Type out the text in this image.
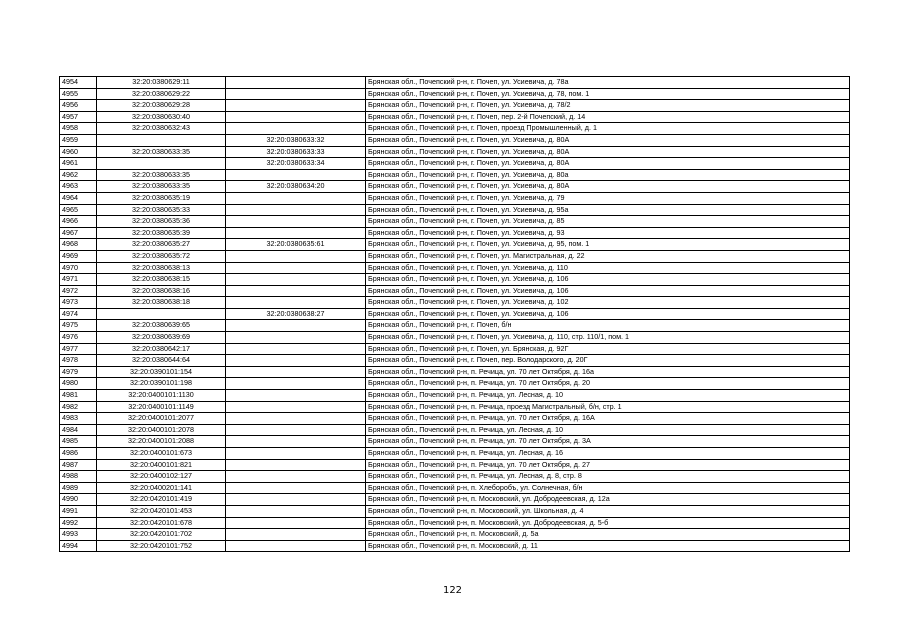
4954	32:20:0380629:11		Брянская обл., Почепский р-н, г. Почеп, ул. Усиевича, д. 78а
4955	32:20:0380629:22		Брянская обл., Почепский р-н, г. Почеп, ул. Усиевича, д. 78, пом. 1
4956	32:20:0380629:28		Брянская обл., Почепский р-н, г. Почеп, ул. Усиевича, д. 78/2
4957	32:20:0380630:40		Брянская обл., Почепский р-н, г. Почеп, пер. 2-й Почепский, д. 14
4958	32:20:0380632:43		Брянская обл., Почепский р-н, г. Почеп, проезд Промышленный, д. 1
4959		32:20:0380633:32	Брянская обл., Почепский р-н, г. Почеп, ул. Усиевича, д. 80А
4960	32:20:0380633:35	32:20:0380633:33	Брянская обл., Почепский р-н, г. Почеп, ул. Усиевича, д. 80А
4961		32:20:0380633:34	Брянская обл., Почепский р-н, г. Почеп, ул. Усиевича, д. 80А
4962	32:20:0380633:35		Брянская обл., Почепский р-н, г. Почеп, ул. Усиевича, д. 80а
4963	32:20:0380633:35	32:20:0380634:20	Брянская обл., Почепский р-н, г. Почеп, ул. Усиевича, д. 80А
4964	32:20:0380635:19		Брянская обл., Почепский р-н, г. Почеп, ул. Усиевича, д. 79
4965	32:20:0380635:33		Брянская обл., Почепский р-н, г. Почеп, ул. Усиевича, д. 95а
4966	32:20:0380635:36		Брянская обл., Почепский р-н, г. Почеп, ул. Усиевича, д. 85
4967	32:20:0380635:39		Брянская обл., Почепский р-н, г. Почеп, ул. Усиевича, д. 93
4968	32:20:0380635:27	32:20:0380635:61	Брянская обл., Почепский р-н, г. Почеп, ул. Усиевича, д. 95, пом. 1
4969	32:20:0380635:72		Брянская обл., Почепский р-н, г. Почеп, ул. Магистральная, д. 22
4970	32:20:0380638:13		Брянская обл., Почепский р-н, г. Почеп, ул. Усиевича, д. 110
4971	32:20:0380638:15		Брянская обл., Почепский р-н, г. Почеп, ул. Усиевича, д. 106
4972	32:20:0380638:16		Брянская обл., Почепский р-н, г. Почеп, ул. Усиевича, д. 106
4973	32:20:0380638:18		Брянская обл., Почепский р-н, г. Почеп, ул. Усиевича, д. 102
4974		32:20:0380638:27	Брянская обл., Почепский р-н, г. Почеп, ул. Усиевича, д. 106
4975	32:20:0380639:65		Брянская обл., Почепский р-н, г. Почеп, б/н
4976	32:20:0380639:69		Брянская обл., Почепский р-н, г. Почеп, ул. Усиевича, д. 110, стр. 110/1, пом. 1
4977	32:20:0380642:17		Брянская обл., Почепский р-н, г. Почеп, ул. Брянская, д. 92Г
4978	32:20:0380644:64		Брянская обл., Почепский р-н, г. Почеп, пер. Володарского, д. 20Г
4979	32:20:0390101:154		Брянская обл., Почепский р-н, п. Речица, ул. 70 лет Октября, д. 16а
4980	32:20:0390101:198		Брянская обл., Почепский р-н, п. Речица, ул. 70 лет Октября, д. 20
4981	32:20:0400101:1130		Брянская обл., Почепский р-н, п. Речица, ул. Лесная, д. 10
4982	32:20:0400101:1149		Брянская обл., Почепский р-н, п. Речица, проезд Магистральный, б/н, стр. 1
4983	32:20:0400101:2077		Брянская обл., Почепский р-н, п. Речица, ул. 70 лет Октября, д. 16А
4984	32:20:0400101:2078		Брянская обл., Почепский р-н, п. Речица, ул. Лесная, д. 10
4985	32:20:0400101:2088		Брянская обл., Почепский р-н, п. Речица, ул. 70 лет Октября, д. 3А
4986	32:20:0400101:673		Брянская обл., Почепский р-н, п. Речица, ул. Лесная, д. 16
4987	32:20:0400101:821		Брянская обл., Почепский р-н, п. Речица, ул. 70 лет Октября, д. 27
4988	32:20:0400102:127		Брянская обл., Почепский р-н, п. Речица, ул. Лесная, д. 8, стр. 8
4989	32:20:0400201:141		Брянская обл., Почепский р-н, п. Хлеборобъ, ул. Солнечная, б/н
4990	32:20:0420101:419		Брянская обл., Почепский р-н, п. Московский, ул. Добродеевская, д. 12а
4991	32:20:0420101:453		Брянская обл., Почепский р-н, п. Московский, ул. Школьная, д. 4
4992	32:20:0420101:678		Брянская обл., Почепский р-н, п. Московский, ул. Добродеевская, д. 5-б
4993	32:20:0420101:702		Брянская обл., Почепский р-н, п. Московский, д. 5а
4994	32:20:0420101:752		Брянская обл., Почепский р-н, п. Московский, д. 11
122
